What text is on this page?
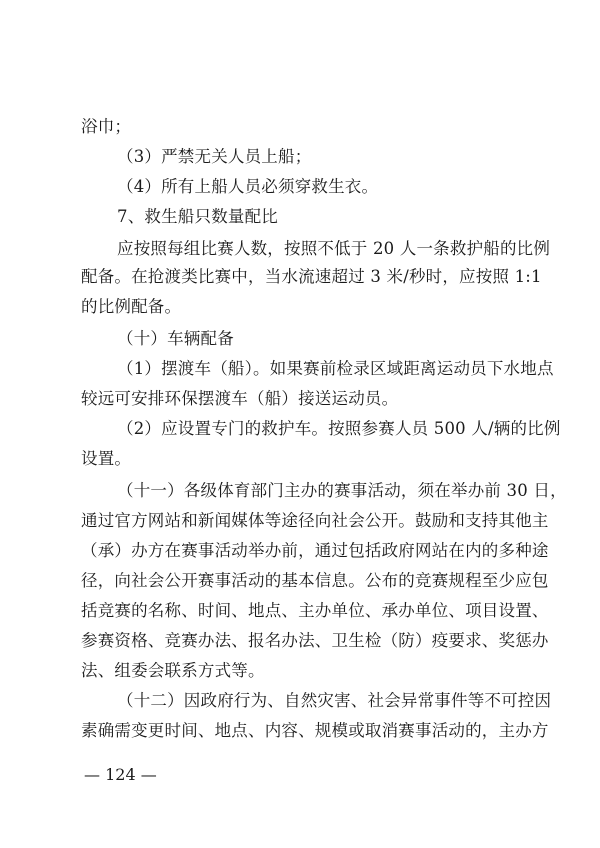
浴巾；
（3）严禁无关人员上船；
（4）所有上船人员必须穿救生衣。
7、救生船只数量配比
应按照每组比赛人数，按照不低于 20 人一条救护船的比例
配备。在抢渡类比赛中，当水流速超过 3 米/秒时，应按照 1:1
的比例配备。
（十）车辆配备
（1）摆渡车（船）。如果赛前检录区域距离运动员下水地点
较远可安排环保摆渡车（船）接送运动员。
（2）应设置专门的救护车。按照参赛人员 500 人/辆的比例
设置。
（十一）各级体育部门主办的赛事活动，须在举办前 30 日，
通过官方网站和新闻媒体等途径向社会公开。鼓励和支持其他主
（承）办方在赛事活动举办前，通过包括政府网站在内的多种途
径，向社会公开赛事活动的基本信息。公布的竞赛规程至少应包
括竞赛的名称、时间、地点、主办单位、承办单位、项目设置、
参赛资格、竞赛办法、报名办法、卫生检（防）疫要求、奖惩办
法、组委会联系方式等。
（十二）因政府行为、自然灾害、社会异常事件等不可控因
素确需变更时间、地点、内容、规模或取消赛事活动的，主办方
— 124 —
